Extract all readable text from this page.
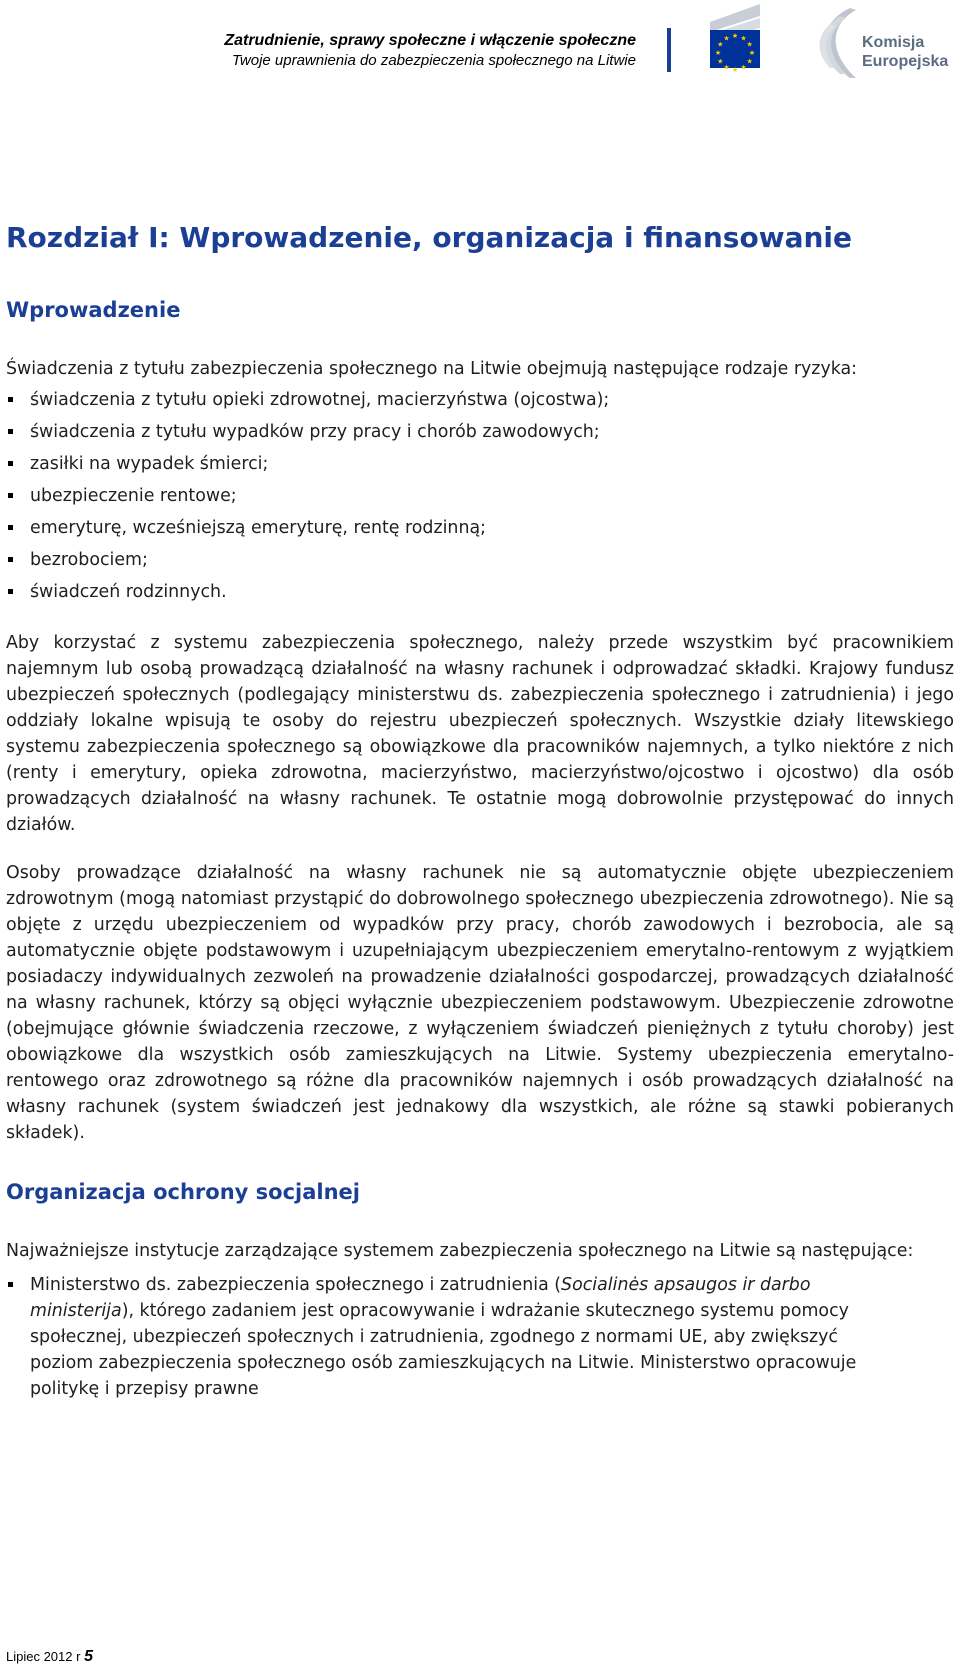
Zatrudnienie, sprawy społeczne i włączenie społeczne
Twoje uprawnienia do zabezpieczenia społecznego na Litwie
★ ★
★
★
★
★
★
★
★
★
★
★	Komisja
Europejska
Rozdział I: Wprowadzenie, organizacja i finansowanie
Wprowadzenie

Świadczenia z tytułu zabezpieczenia społecznego na Litwie obejmują następujące rodzaje ryzyka:

świadczenia z tytułu opieki zdrowotnej, macierzyństwa (ojcostwa);
świadczenia z tytułu wypadków przy pracy i chorób zawodowych;
zasiłki na wypadek śmierci;
ubezpieczenie rentowe;
emeryturę, wcześniejszą emeryturę, rentę rodzinną;
bezrobociem;
świadczeń rodzinnych.

Aby korzystać z systemu zabezpieczenia społecznego, należy przede wszystkim być pracownikiem najemnym lub osobą prowadzącą działalność na własny rachunek i odprowadzać składki. Krajowy fundusz ubezpieczeń społecznych (podlegający ministerstwu ds. zabezpieczenia społecznego i zatrudnienia) i jego oddziały lokalne wpisują te osoby do rejestru ubezpieczeń społecznych. Wszystkie działy litewskiego systemu zabezpieczenia społecznego są obowiązkowe dla pracowników najemnych, a tylko niektóre z nich (renty i emerytury, opieka zdrowotna, macierzyństwo, macierzyństwo/ojcostwo i ojcostwo) dla osób prowadzących działalność na własny rachunek. Te ostatnie mogą dobrowolnie przystępować do innych działów.

Osoby prowadzące działalność na własny rachunek nie są automatycznie objęte ubezpieczeniem zdrowotnym (mogą natomiast przystąpić do dobrowolnego społecznego ubezpieczenia zdrowotnego). Nie są objęte z urzędu ubezpieczeniem od wypadków przy pracy, chorób zawodowych i bezrobocia, ale są automatycznie objęte podstawowym i uzupełniającym ubezpieczeniem emerytalno-rentowym z wyjątkiem posiadaczy indywidualnych zezwoleń na prowadzenie działalności gospodarczej, prowadzących działalność na własny rachunek, którzy są objęci wyłącznie ubezpieczeniem podstawowym. Ubezpieczenie zdrowotne (obejmujące głównie świadczenia rzeczowe, z wyłączeniem świadczeń pieniężnych z tytułu choroby) jest obowiązkowe dla wszystkich osób zamieszkujących na Litwie. Systemy ubezpieczenia emerytalno-rentowego oraz zdrowotnego są różne dla pracowników najemnych i osób prowadzących działalność na własny rachunek (system świadczeń jest jednakowy dla wszystkich, ale różne są stawki pobieranych składek).

Organizacja ochrony socjalnej

Najważniejsze instytucje zarządzające systemem zabezpieczenia społecznego na Litwie są następujące:

Ministerstwo ds. zabezpieczenia społecznego i zatrudnienia (Socialinės apsaugos ir darbo ministerija), którego zadaniem jest opracowywanie i wdrażanie skutecznego systemu pomocy społecznej, ubezpieczeń społecznych i zatrudnienia, zgodnego z normami UE, aby zwiększyć poziom zabezpieczenia społecznego osób zamieszkujących na Litwie. Ministerstwo opracowuje politykę i przepisy prawne
Lipiec 2012 r 5
